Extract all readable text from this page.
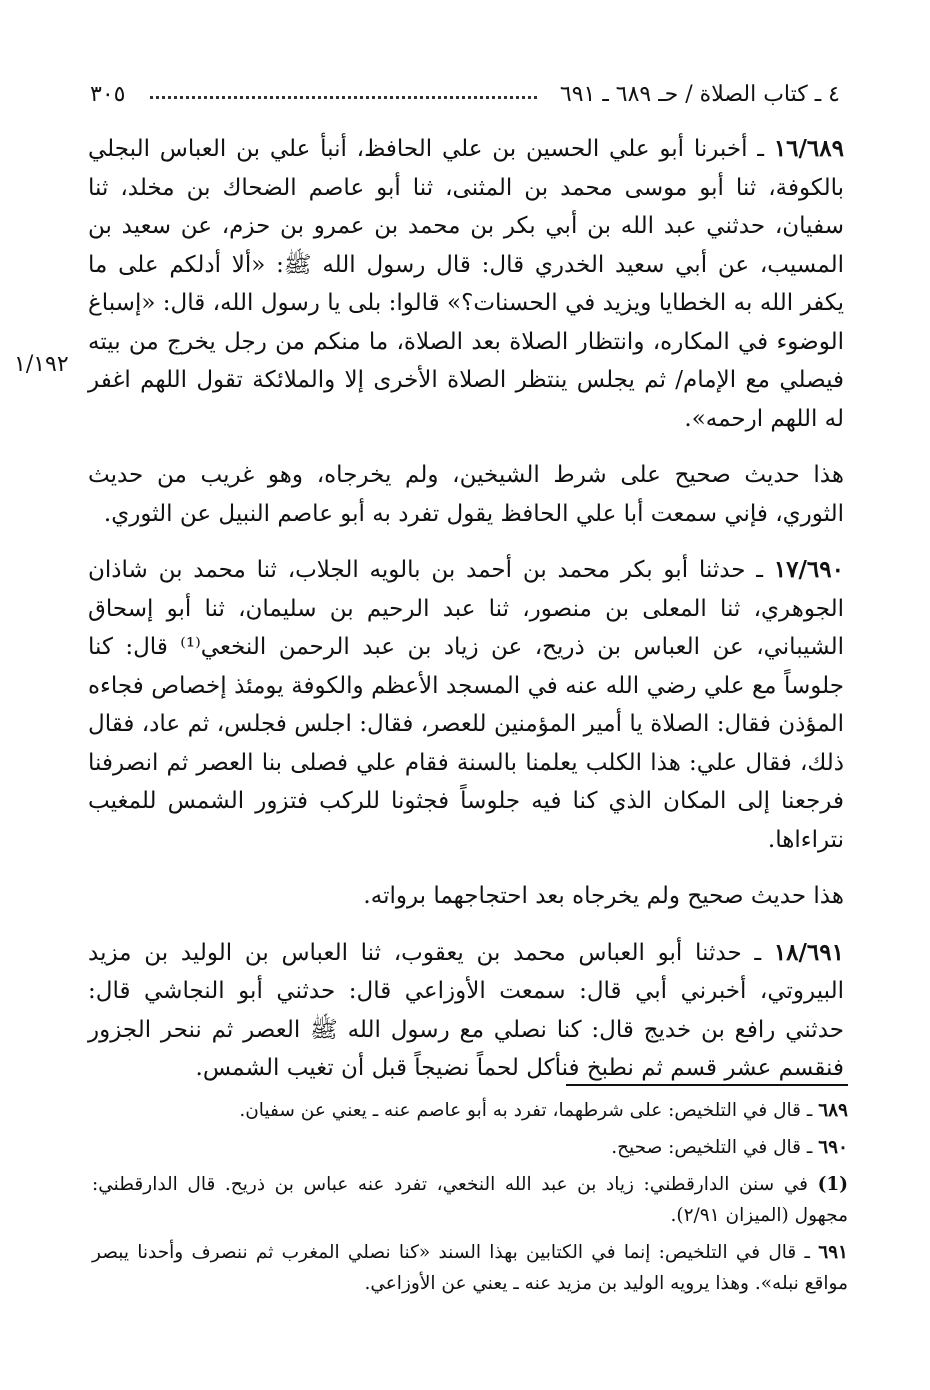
٤ ـ كتاب الصلاة / حـ ٦٨٩ ـ ٦٩١
٣٠٥
١/١٩٢

١٦/٦٨٩ ـ أخبرنا أبو علي الحسين بن علي الحافظ، أنبأ علي بن العباس البجلي بالكوفة، ثنا أبو موسى محمد بن المثنى، ثنا أبو عاصم الضحاك بن مخلد، ثنا سفيان، حدثني عبد الله بن أبي بكر بن محمد بن عمرو بن حزم، عن سعيد بن المسيب، عن أبي سعيد الخدري قال: قال رسول الله ﷺ: «ألا أدلكم على ما يكفر الله به الخطايا ويزيد في الحسنات؟» قالوا: بلى يا رسول الله، قال: «إسباغ الوضوء في المكاره، وانتظار الصلاة بعد الصلاة، ما منكم من رجل يخرج من بيته فيصلي مع الإمام/ ثم يجلس ينتظر الصلاة الأخرى إلا والملائكة تقول اللهم اغفر له اللهم ارحمه».

هذا حديث صحيح على شرط الشيخين، ولم يخرجاه، وهو غريب من حديث الثوري، فإني سمعت أبا علي الحافظ يقول تفرد به أبو عاصم النبيل عن الثوري.

١٧/٦٩٠ ـ حدثنا أبو بكر محمد بن أحمد بن بالويه الجلاب، ثنا محمد بن شاذان الجوهري، ثنا المعلى بن منصور، ثنا عبد الرحيم بن سليمان، ثنا أبو إسحاق الشيباني، عن العباس بن ذريح، عن زياد بن عبد الرحمن النخعي⁽¹⁾ قال: كنا جلوساً مع علي رضي الله عنه في المسجد الأعظم والكوفة يومئذ إخصاص فجاءه المؤذن فقال: الصلاة يا أمير المؤمنين للعصر، فقال: اجلس فجلس، ثم عاد، فقال ذلك، فقال علي: هذا الكلب يعلمنا بالسنة فقام علي فصلى بنا العصر ثم انصرفنا فرجعنا إلى المكان الذي كنا فيه جلوساً فجثونا للركب فتزور الشمس للمغيب نتراءاها.

هذا حديث صحيح ولم يخرجاه بعد احتجاجهما برواته.

١٨/٦٩١ ـ حدثنا أبو العباس محمد بن يعقوب، ثنا العباس بن الوليد بن مزيد البيروتي، أخبرني أبي قال: سمعت الأوزاعي قال: حدثني أبو النجاشي قال: حدثني رافع بن خديج قال: كنا نصلي مع رسول الله ﷺ العصر ثم ننحر الجزور فنقسم عشر قسم ثم نطبخ فنأكل لحماً نضيجاً قبل أن تغيب الشمس.

٦٨٩ ـ قال في التلخيص: على شرطهما، تفرد به أبو عاصم عنه ـ يعني عن سفيان.

٦٩٠ ـ قال في التلخيص: صحيح.

(1) في سنن الدارقطني: زياد بن عبد الله النخعي، تفرد عنه عباس بن ذريح. قال الدارقطني: مجهول (الميزان ٢/٩١).

٦٩١ ـ قال في التلخيص: إنما في الكتابين بهذا السند «كنا نصلي المغرب ثم ننصرف وأحدنا يبصر مواقع نبله». وهذا يرويه الوليد بن مزيد عنه ـ يعني عن الأوزاعي.
